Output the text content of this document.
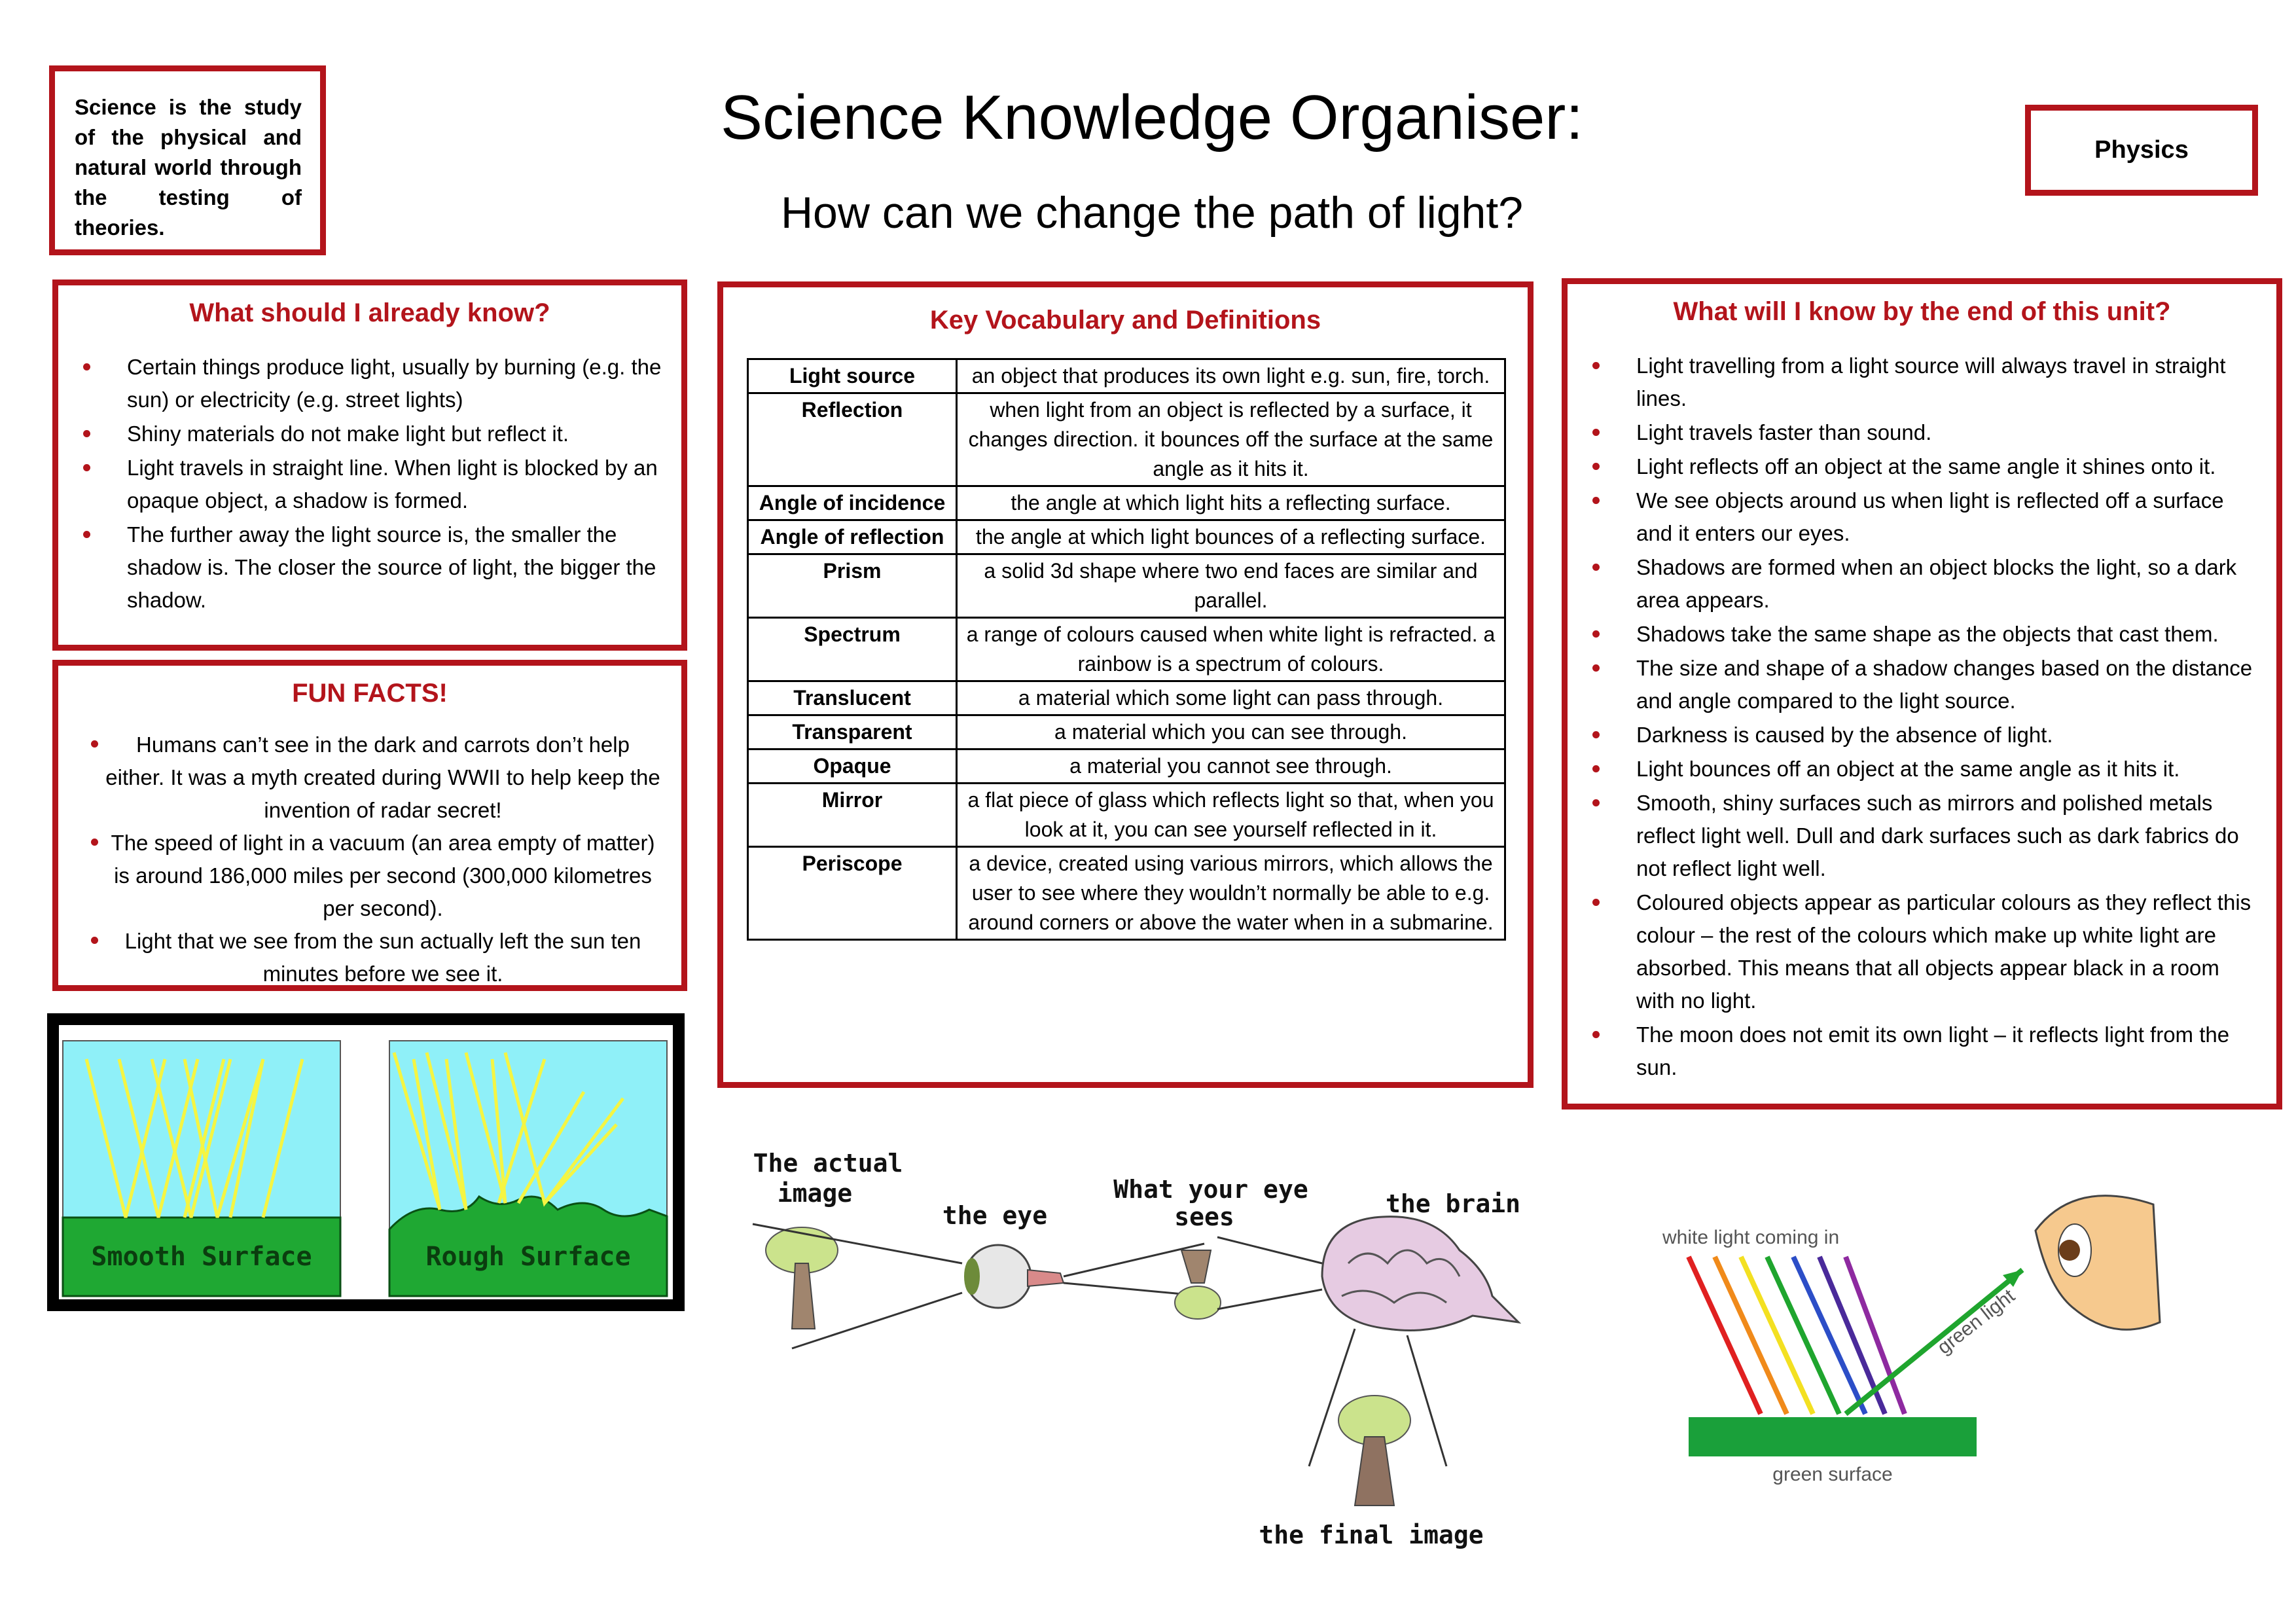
Science is the study of the physical and natural world through the testing of theories.
Science Knowledge Organiser:
How can we change the path of light?
Physics
What should I already know?
Certain things produce light, usually by burning (e.g. the sun) or electricity (e.g. street lights)
Shiny materials do not make light but reflect it.
Light travels in straight line. When light is blocked by an opaque object, a shadow is formed.
The further away the light source is, the smaller the shadow is. The closer the source of light, the bigger the shadow.
FUN FACTS!
Humans can’t see in the dark and carrots don’t help either. It was a myth created during WWII to help keep the invention of radar secret!
The speed of light in a vacuum (an area empty of matter) is around 186,000 miles per second (300,000 kilometres per second).
Light that we see from the sun actually left the sun ten minutes before we see it.
Smooth Surface	Rough Surface
Key Vocabulary and Definitions
Light source	an object that produces its own light e.g. sun, fire, torch.
Reflection	when light from an object is reflected by a surface, it changes direction. it bounces off the surface at the same angle as it hits it.
Angle of incidence	the angle at which light hits a reflecting surface.
Angle of reflection	the angle at which light bounces of a reflecting surface.
Prism	a solid 3d shape where two end faces are similar and parallel.
Spectrum	a range of colours caused when white light is refracted. a rainbow is a spectrum of colours.
Translucent	a material which some light can pass through.
Transparent	a material which you can see through.
Opaque	a material you cannot see through.
Mirror	a flat piece of glass which reflects light so that, when you look at it, you can see yourself reflected in it.
Periscope	a device, created using various mirrors, which allows the user to see where they wouldn’t normally be able to e.g. around corners or above the water when in a submarine.
What will I know by the end of this unit?
Light travelling from a light source will always travel in straight lines.
Light travels faster than sound.
Light reflects off an object at the same angle it shines onto it.
We see objects around us when light is reflected off a surface and it enters our eyes.
Shadows are formed when an object blocks the light, so a dark area appears.
Shadows take the same shape as the objects that cast them.
The size and shape of a shadow changes based on the distance and angle compared to the light source.
Darkness is caused by the absence of light.
Light bounces off an object at the same angle as it hits it.
Smooth, shiny surfaces such as mirrors and polished metals reflect light well. Dull and dark surfaces such as dark fabrics do not reflect light well.
Coloured objects appear as particular colours as they reflect this colour – the rest of the colours which make up white light are absorbed. This means that all objects appear black in a room with no light.
The moon does not emit its own light – it reflects light from the sun.
The actual image
the eye
What your eye sees	the brain
the final image
white light coming in
green light
green surface
